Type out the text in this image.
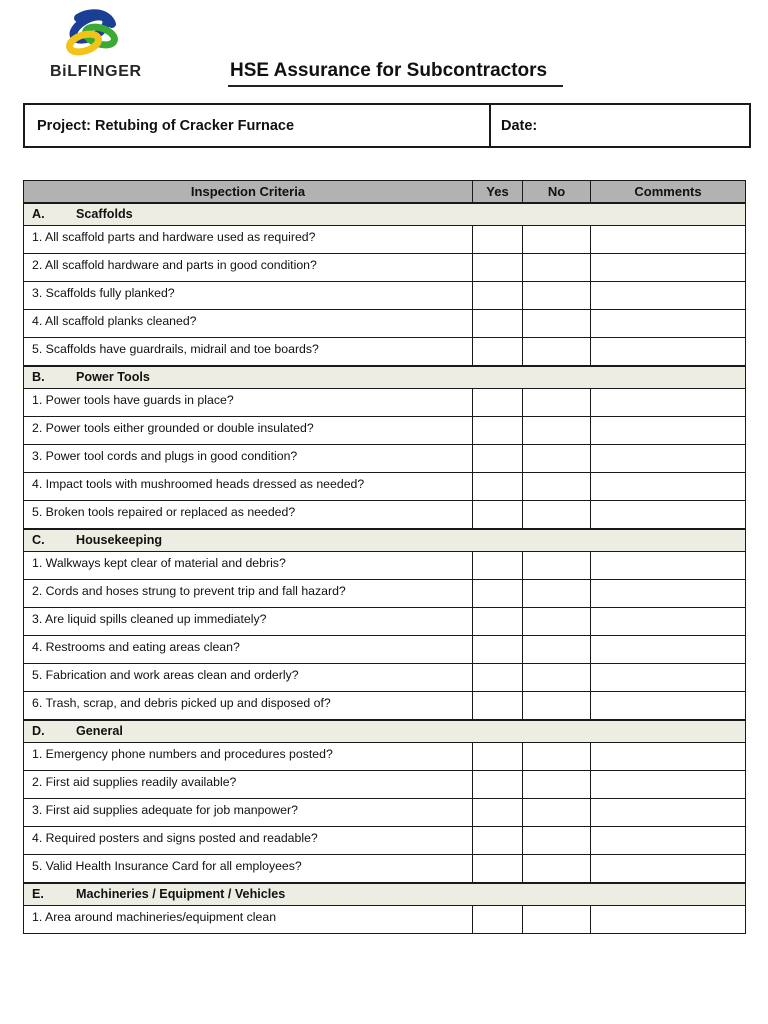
BiLFINGER	HSE Assurance for Subcontractors
Project: Retubing of Cracker Furnace	Date:
Inspection Criteria	Yes	No	Comments
A. Scaffolds			
1. All scaffold parts and hardware used as required?			
2. All scaffold hardware and parts in good condition?			
3. Scaffolds fully planked?			
4. All scaffold planks cleaned?			
5. Scaffolds have guardrails, midrail and toe boards?			
B. Power Tools			
1. Power tools have guards in place?			
2. Power tools either grounded or double insulated?			
3. Power tool cords and plugs in good condition?			
4. Impact tools with mushroomed heads dressed as needed?			
5. Broken tools repaired or replaced as needed?			
C. Housekeeping			
1. Walkways kept clear of material and debris?			
2. Cords and hoses strung to prevent trip and fall hazard?			
3. Are liquid spills cleaned up immediately?			
4. Restrooms and eating areas clean?			
5. Fabrication and work areas clean and orderly?			
6. Trash, scrap, and debris picked up and disposed of?			
D. General			
1. Emergency phone numbers and procedures posted?			
2. First aid supplies readily available?			
3. First aid supplies adequate for job manpower?			
4. Required posters and signs posted and readable?			
5. Valid Health Insurance Card for all employees?			
E. Machineries / Equipment / Vehicles			
1. Area around machineries/equipment clean			
